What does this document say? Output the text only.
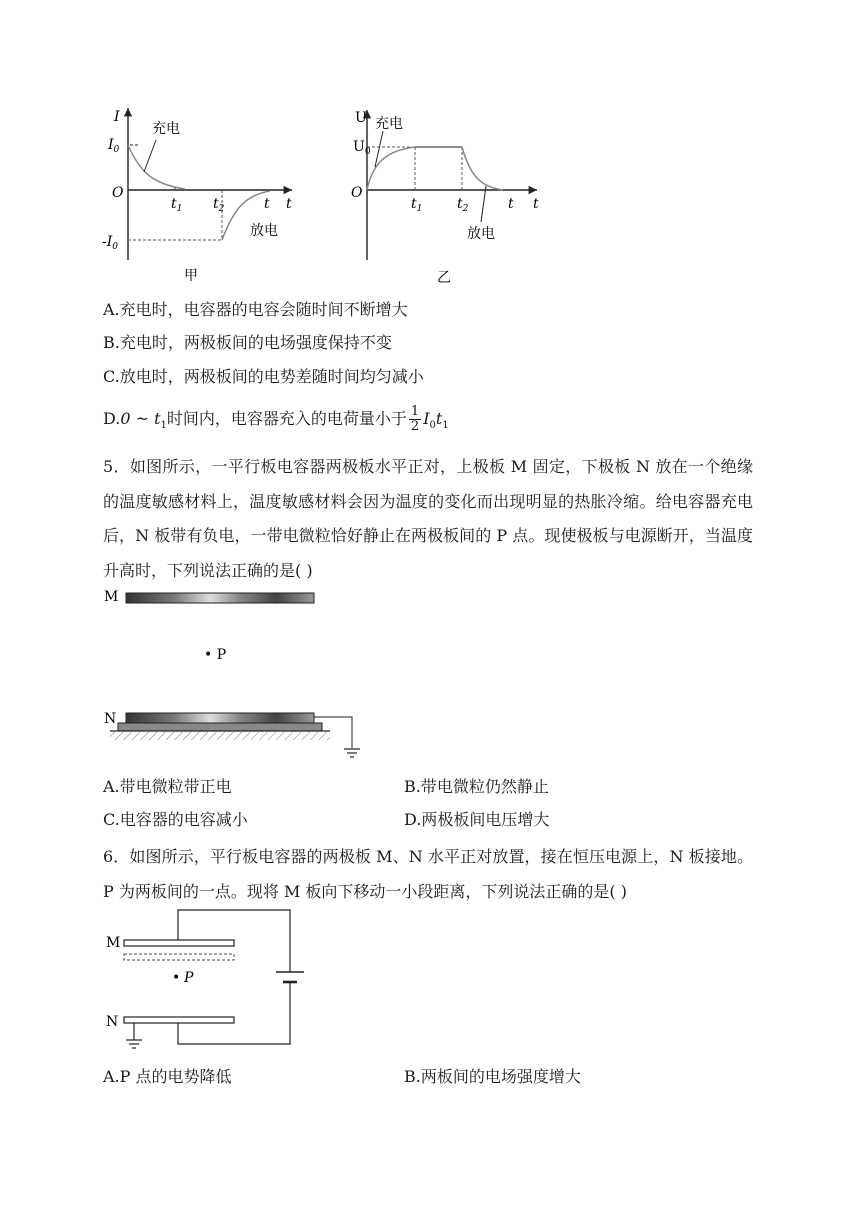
I
t
O
$I_0$
$-I_0$
$t_1$ $t_2$	t
充电
放电
甲
U
t
O
$U_0$
$t_1$ $t_2$	t
充电
放电
乙
A.充电时，电容器的电容会随时间不断增大
B.充电时，两极板间的电场强度保持不变
C.放电时，两极板间的电势差随时间均匀减小
D.0 ~ $t_1$时间内，电容器充入的电荷量小于 $\frac{1}{2} I_0t_1$
5．如图所示，一平行板电容器两极板水平正对，上极板 M 固定，下极板 N 放在一个绝缘的温度敏感材料上，温度敏感材料会因为温度的变化而出现明显的热胀冷缩。给电容器充电后，N 板带有负电，一带电微粒恰好静止在两极板间的 P 点。现使极板与电源断开，当温度升高时，下列说法正确的是( )
M
• P
N
A.带电微粒带正电	B.带电微粒仍然静止
C.电容器的电容减小	D.两极板间电压增大
6．如图所示，平行板电容器的两极板 M、N 水平正对放置，接在恒压电源上，N 板接地。P 为两板间的一点。现将 M 板向下移动一小段距离，下列说法正确的是( )
M
• P
N
A.P 点的电势降低	B.两板间的电场强度增大
